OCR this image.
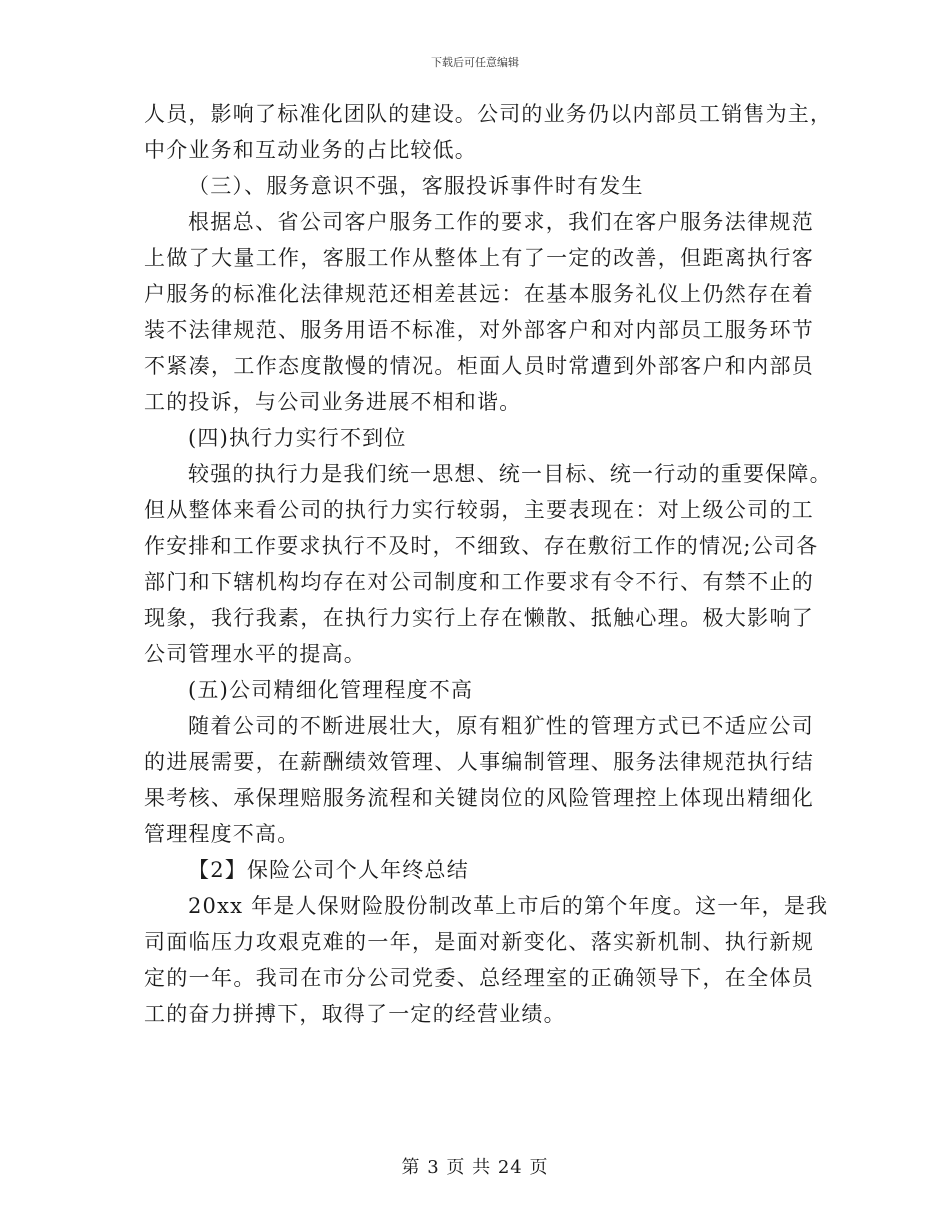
下载后可任意编辑
人员，影响了标准化团队的建设。公司的业务仍以内部员工销售为主，
中介业务和互动业务的占比较低。
（三）、服务意识不强，客服投诉事件时有发生
根据总、省公司客户服务工作的要求，我们在客户服务法律规范
上做了大量工作，客服工作从整体上有了一定的改善，但距离执行客
户服务的标准化法律规范还相差甚远：在基本服务礼仪上仍然存在着
装不法律规范、服务用语不标准，对外部客户和对内部员工服务环节
不紧凑，工作态度散慢的情况。柜面人员时常遭到外部客户和内部员
工的投诉，与公司业务进展不相和谐。
(四)执行力实行不到位
较强的执行力是我们统一思想、统一目标、统一行动的重要保障。
但从整体来看公司的执行力实行较弱，主要表现在：对上级公司的工
作安排和工作要求执行不及时，不细致、存在敷衍工作的情况;公司各
部门和下辖机构均存在对公司制度和工作要求有令不行、有禁不止的
现象，我行我素，在执行力实行上存在懒散、抵触心理。极大影响了
公司管理水平的提高。
(五)公司精细化管理程度不高
随着公司的不断进展壮大，原有粗犷性的管理方式已不适应公司
的进展需要，在薪酬绩效管理、人事编制管理、服务法律规范执行结
果考核、承保理赔服务流程和关键岗位的风险管理控上体现出精细化
管理程度不高。
【2】保险公司个人年终总结
20xx 年是人保财险股份制改革上市后的第个年度。这一年，是我
司面临压力攻艰克难的一年，是面对新变化、落实新机制、执行新规
定的一年。我司在市分公司党委、总经理室的正确领导下，在全体员
工的奋力拼搏下，取得了一定的经营业绩。
第 3 页 共 24 页
